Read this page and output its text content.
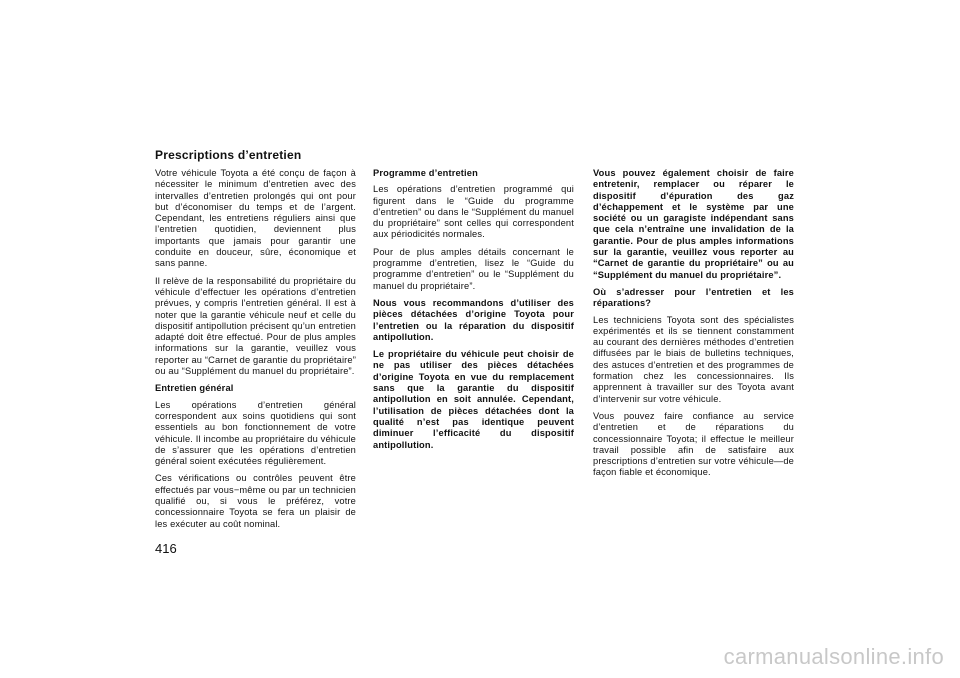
Prescriptions d’entretien

Votre véhicule Toyota a été conçu de façon à nécessiter le minimum d’entretien avec des intervalles d’entretien prolongés qui ont pour but d’économiser du temps et de l’argent. Cependant, les entretiens réguliers ainsi que l’entretien quotidien, deviennent plus importants que jamais pour garantir une conduite en douceur, sûre, économique et sans panne.

Il relève de la responsabilité du propriétaire du véhicule d’effectuer les opérations d’entretien prévues, y compris l’entretien général. Il est à noter que la garantie véhicule neuf et celle du dispositif antipollution précisent qu’un entretien adapté doit être effectué. Pour de plus amples informations sur la garantie, veuillez vous reporter au “Carnet de garantie du propriétaire” ou au “Supplément du manuel du propriétaire”.

Entretien général

Les opérations d’entretien général correspondent aux soins quotidiens qui sont essentiels au bon fonctionnement de votre véhicule. Il incombe au propriétaire du véhicule de s’assurer que les opérations d’entretien général soient exécutées régulièrement.

Ces vérifications ou contrôles peuvent être effectués par vous−même ou par un technicien qualifié ou, si vous le préférez, votre concessionnaire Toyota se fera un plaisir de les exécuter au coût nominal.

Programme d’entretien

Les opérations d’entretien programmé qui figurent dans le “Guide du programme d’entretien” ou dans le “Supplément du manuel du propriétaire” sont celles qui correspondent aux périodicités normales.

Pour de plus amples détails concernant le programme d’entretien, lisez le “Guide du programme d’entretien” ou le “Supplément du manuel du propriétaire”.

Nous vous recommandons d’utiliser des pièces détachées d’origine Toyota pour l’entretien ou la réparation du dispositif antipollution.

Le propriétaire du véhicule peut choisir de ne pas utiliser des pièces détachées d’origine Toyota en vue du remplacement sans que la garantie du dispositif antipollution en soit annulée. Cependant, l’utilisation de pièces détachées dont la qualité n’est pas identique peuvent diminuer l’efficacité du dispositif antipollution.

Vous pouvez également choisir de faire entretenir, remplacer ou réparer le dispositif d’épuration des gaz d’échappement et le système par une société ou un garagiste indépendant sans que cela n’entraîne une invalidation de la garantie. Pour de plus amples informations sur la garantie, veuillez vous reporter au “Carnet de garantie du propriétaire” ou au “Supplément du manuel du propriétaire”.

Où s’adresser pour l’entretien et les réparations?

Les techniciens Toyota sont des spécialistes expérimentés et ils se tiennent constamment au courant des dernières méthodes d’entretien diffusées par le biais de bulletins techniques, des astuces d’entretien et des programmes de formation chez les concessionnaires. Ils apprennent à travailler sur des Toyota avant d’intervenir sur votre véhicule.

Vous pouvez faire confiance au service d’entretien et de réparations du concessionnaire Toyota; il effectue le meilleur travail possible afin de satisfaire aux prescriptions d’entretien sur votre véhicule—de façon fiable et économique.

416
carmanualsonline.info
